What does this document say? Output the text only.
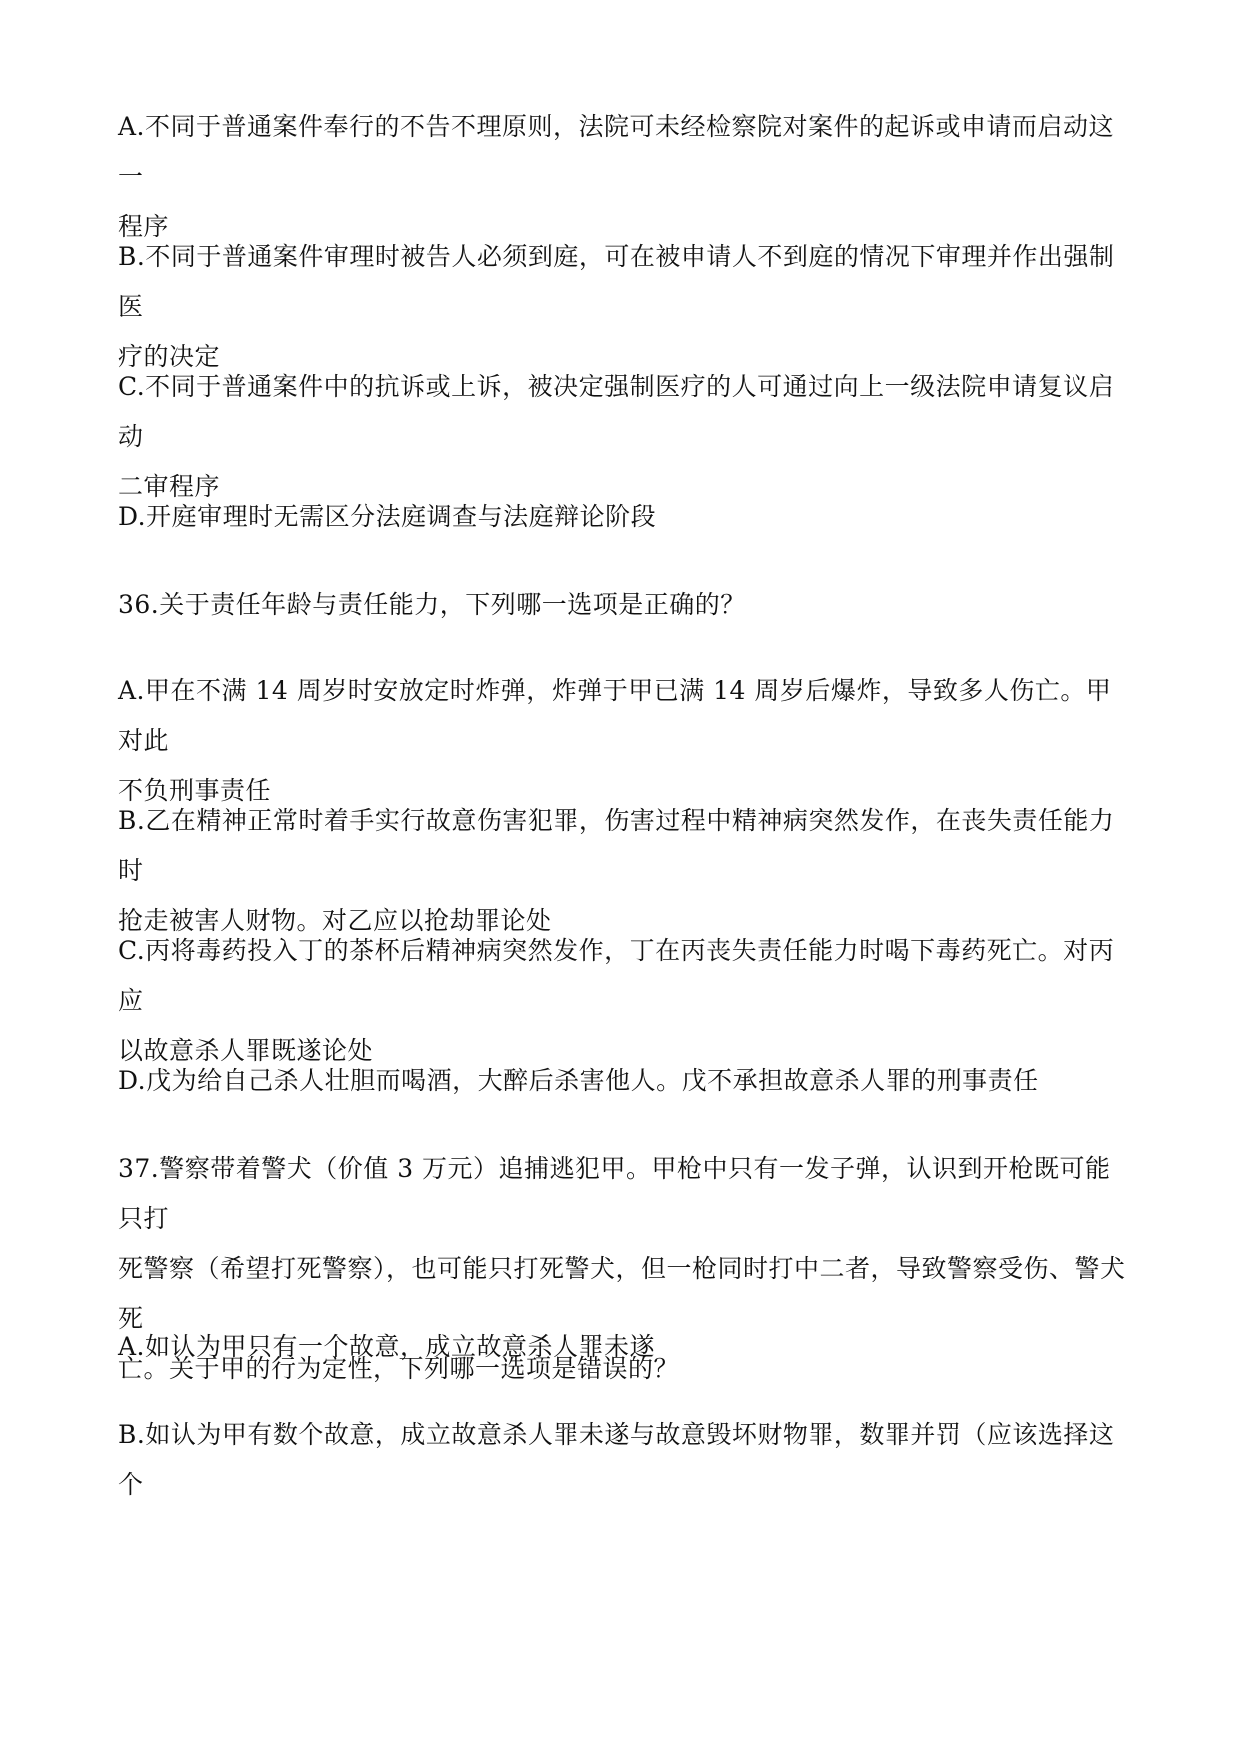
A.不同于普通案件奉行的不告不理原则，法院可未经检察院对案件的起诉或申请而启动这一
程序

B.不同于普通案件审理时被告人必须到庭，可在被申请人不到庭的情况下审理并作出强制医
疗的决定

C.不同于普通案件中的抗诉或上诉，被决定强制医疗的人可通过向上一级法院申请复议启动
二审程序

D.开庭审理时无需区分法庭调查与法庭辩论阶段

36.关于责任年龄与责任能力，下列哪一选项是正确的？

A.甲在不满 14 周岁时安放定时炸弹，炸弹于甲已满 14 周岁后爆炸，导致多人伤亡。甲对此
不负刑事责任

B.乙在精神正常时着手实行故意伤害犯罪，伤害过程中精神病突然发作，在丧失责任能力时
抢走被害人财物。对乙应以抢劫罪论处

C.丙将毒药投入丁的茶杯后精神病突然发作，丁在丙丧失责任能力时喝下毒药死亡。对丙应
以故意杀人罪既遂论处

D.戊为给自己杀人壮胆而喝酒，大醉后杀害他人。戊不承担故意杀人罪的刑事责任

37.警察带着警犬（价值 3 万元）追捕逃犯甲。甲枪中只有一发子弹，认识到开枪既可能只打
死警察（希望打死警察），也可能只打死警犬，但一枪同时打中二者，导致警察受伤、警犬死
亡。关于甲的行为定性，下列哪一选项是错误的？

A.如认为甲只有一个故意，成立故意杀人罪未遂

B.如认为甲有数个故意，成立故意杀人罪未遂与故意毁坏财物罪，数罪并罚（应该选择这个
